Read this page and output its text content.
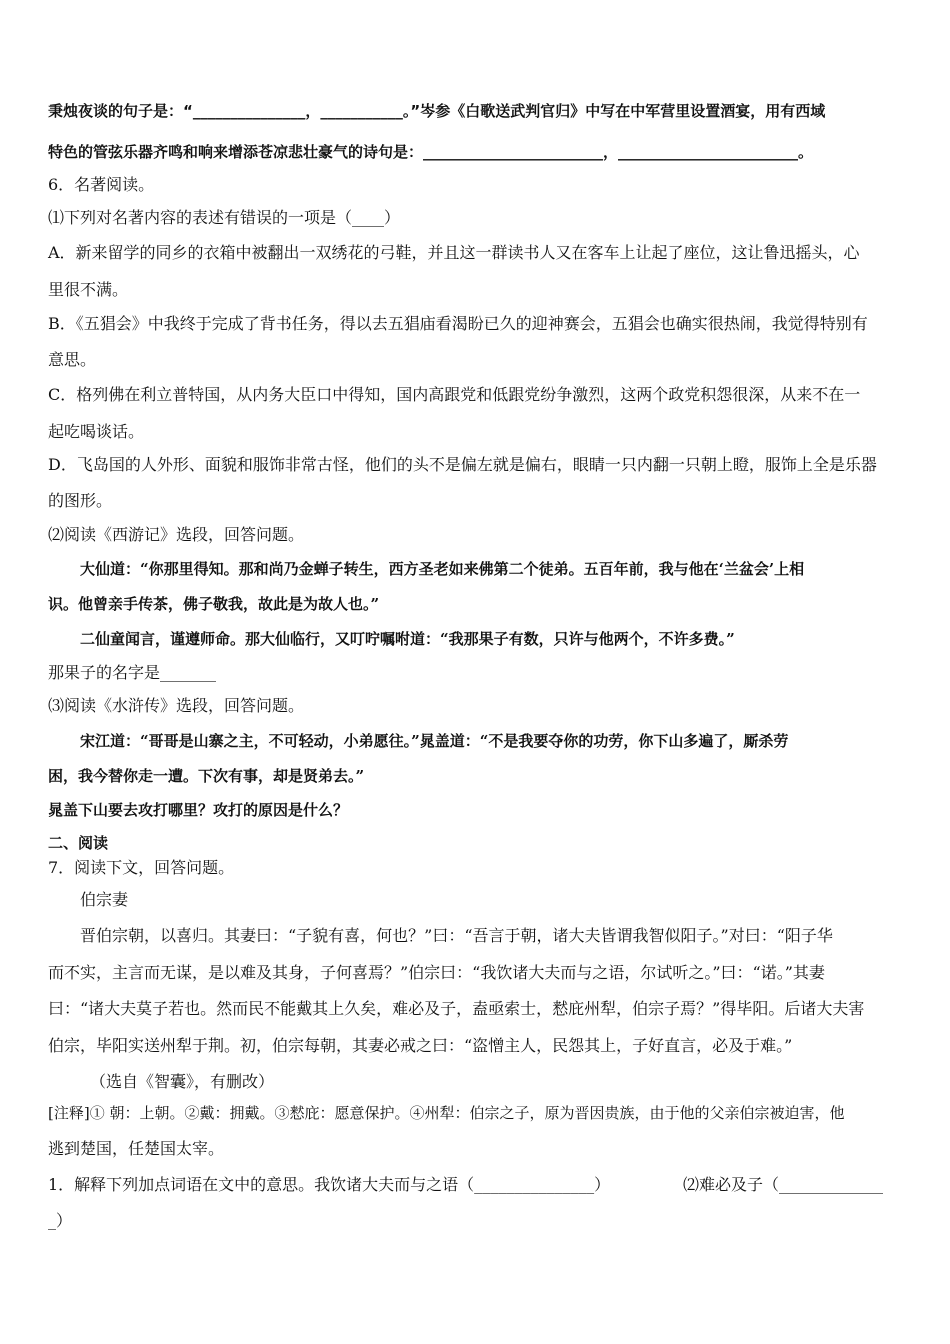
秉烛夜谈的句子是：“_______________，___________。”岑参《白歌送武判官归》中写在中军营里设置酒宴，用有西域
特色的管弦乐器齐鸣和响来增添苍凉悲壮豪气的诗句是：________________________，________________________。
6．名著阅读。
⑴下列对名著内容的表述有错误的一项是（____）
A．新来留学的同乡的衣箱中被翻出一双绣花的弓鞋，并且这一群读书人又在客车上让起了座位，这让鲁迅摇头，心
里很不满。
B．《五猖会》中我终于完成了背书任务，得以去五猖庙看渴盼已久的迎神赛会，五猖会也确实很热闹，我觉得特别有
意思。
C．格列佛在利立普特国，从内务大臣口中得知，国内高跟党和低跟党纷争激烈，这两个政党积怨很深，从来不在一
起吃喝谈话。
D．飞岛国的人外形、面貌和服饰非常古怪，他们的头不是偏左就是偏右，眼睛一只内翻一只朝上瞪，服饰上全是乐器
的图形。
⑵阅读《西游记》选段，回答问题。
大仙道：“你那里得知。那和尚乃金蝉子转生，西方圣老如来佛第二个徒弟。五百年前，我与他在‘兰盆会’上相
识。他曾亲手传茶，佛子敬我，故此是为故人也。”
二仙童闻言，谨遵师命。那大仙临行，又叮咛嘱咐道：“我那果子有数，只许与他两个，不许多费。”
那果子的名字是_______
⑶阅读《水浒传》选段，回答问题。
宋江道：“哥哥是山寨之主，不可轻动，小弟愿往。”晁盖道：“不是我要夺你的功劳，你下山多遍了，厮杀劳
困，我今替你走一遭。下次有事，却是贤弟去。”
晁盖下山要去攻打哪里？攻打的原因是什么？
二、阅读
7．阅读下文，回答问题。
伯宗妻
晋伯宗朝，以喜归。其妻曰：“子貌有喜，何也？”曰：“吾言于朝，诸大夫皆谓我智似阳子。”对曰：“阳子华
而不实，主言而无谋，是以难及其身，子何喜焉？”伯宗曰：“我饮诸大夫而与之语，尔试听之。”曰：“诺。”其妻
曰：“诸大夫莫子若也。然而民不能戴其上久矣，难必及子，盍亟索士，慭庇州犁，伯宗子焉？”得毕阳。后诸大夫害
伯宗，毕阳实送州犁于荆。初，伯宗每朝，其妻必戒之曰：“盗憎主人，民怨其上，子好直言，必及于难。”
（选自《智囊》，有删改）
[注释]① 朝：上朝。②戴：拥戴。③慭庇：愿意保护。④州犁：伯宗之子，原为晋因贵族，由于他的父亲伯宗被迫害，他
逃到楚国，任楚国太宰。
1．解释下列加点词语在文中的意思。我饮诸大夫而与之语（_______________）	⑵难必及子（_____________
_）
